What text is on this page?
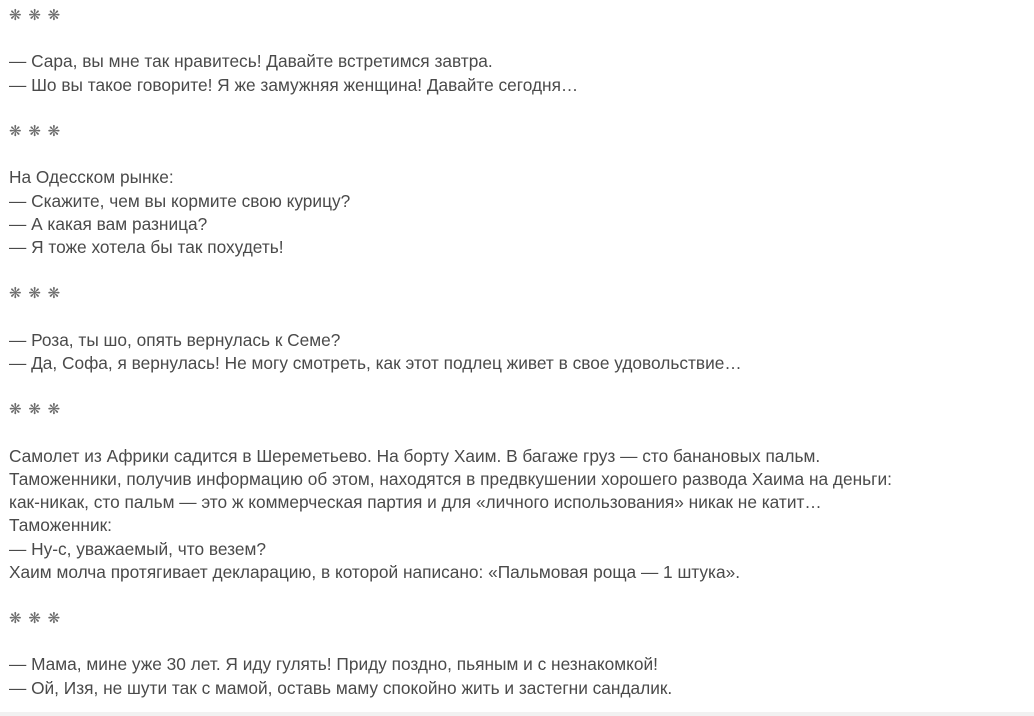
❋ ❋ ❋
— Сара, вы мне так нравитесь! Давайте встретимся завтра.
— Шо вы такое говорите! Я же замужняя женщина! Давайте сегодня…
❋ ❋ ❋
На Одесском рынке:
— Скажите, чем вы кормите свою курицу?
— А какая вам разница?
— Я тоже хотела бы так похудеть!
❋ ❋ ❋
— Роза, ты шо, опять вернулась к Семе?
— Да, Софа, я вернулась! Не могу смотреть, как этот подлец живет в свое удовольствие…
❋ ❋ ❋
Самолет из Африки садится в Шереметьево. На борту Хаим. В багаже груз — сто банановых пальм.
Таможенники, получив информацию об этом, находятся в предвкушении хорошего развода Хаима на деньги:
как-никак, сто пальм — это ж коммерческая партия и для «личного использования» никак не катит…
Таможенник:
— Ну-с, уважаемый, что везем?
Хаим молча протягивает декларацию, в которой написано: «Пальмовая роща — 1 штука».
❋ ❋ ❋
— Мама, мине уже 30 лет. Я иду гулять! Приду поздно, пьяным и с незнакомкой!
— Ой, Изя, не шути так с мамой, оставь маму спокойно жить и застегни сандалик.
